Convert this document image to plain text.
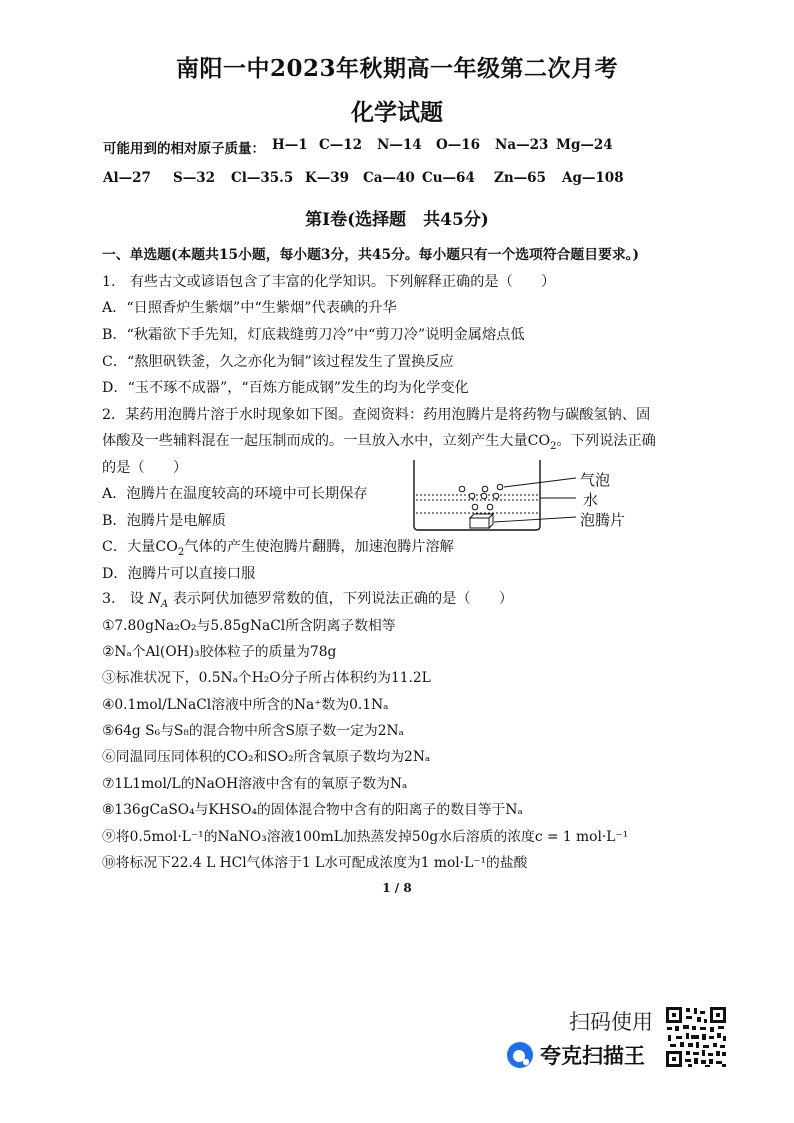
南阳一中2023年秋期高一年级第二次月考
化学试题
可能用到的相对原子质量： H—1 C—12 N—14 O—16 Na—23 Mg—24
Al—27 S—32 Cl—35.5 K—39 Ca—40 Cu—64 Zn—65 Ag—108
第Ⅰ卷(选择题　共45分)
一、单选题(本题共15小题，每小题3分，共45分。每小题只有一个选项符合题目要求。)
1.　有些古文或谚语包含了丰富的化学知识。下列解释正确的是（　　）
A．“日照香炉生紫烟”中“生紫烟”代表碘的升华
B．“秋霜欲下手先知，灯底栽缝剪刀冷”中“剪刀冷”说明金属熔点低
C．“熬胆矾铁釜，久之亦化为铜”该过程发生了置换反应
D．“玉不琢不成器”，“百炼方能成钢”发生的均为化学变化
2．某药用泡腾片溶于水时现象如下图。查阅资料：药用泡腾片是将药物与碳酸氢钠、固
体酸及一些辅料混在一起压制而成的。一旦放入水中，立刻产生大量$CO_2$。下列说法正确
的是（　　）
A．泡腾片在温度较高的环境中可长期保存
B．泡腾片是电解质
C．大量$CO_2$气体的产生使泡腾片翻腾，加速泡腾片溶解
D．泡腾片可以直接口服
气泡
水
泡腾片
3.　设 $N_A$ 表示阿伏加德罗常数的值，下列说法正确的是（　　）
①7.80gNa₂O₂与5.85gNaCl所含阴离子数相等
②Nₐ个Al(OH)₃胶体粒子的质量为78g
③标准状况下，0.5Nₐ个H₂O分子所占体积约为11.2L
④0.1mol/LNaCl溶液中所含的Na⁺数为0.1Nₐ
⑤64g S₆与S₈的混合物中所含S原子数一定为2Nₐ
⑥同温同压同体积的CO₂和SO₂所含氧原子数均为2Nₐ
⑦1L1mol/L的NaOH溶液中含有的氧原子数为Nₐ
⑧136gCaSO₄与KHSO₄的固体混合物中含有的阳离子的数目等于Nₐ
⑨将0.5mol·L⁻¹的NaNO₃溶液100mL加热蒸发掉50g水后溶质的浓度c = 1 mol·L⁻¹
⑩将标况下22.4 L HCl气体溶于1 L水可配成浓度为1 mol·L⁻¹的盐酸
1 / 8
扫码使用
夸克扫描王
